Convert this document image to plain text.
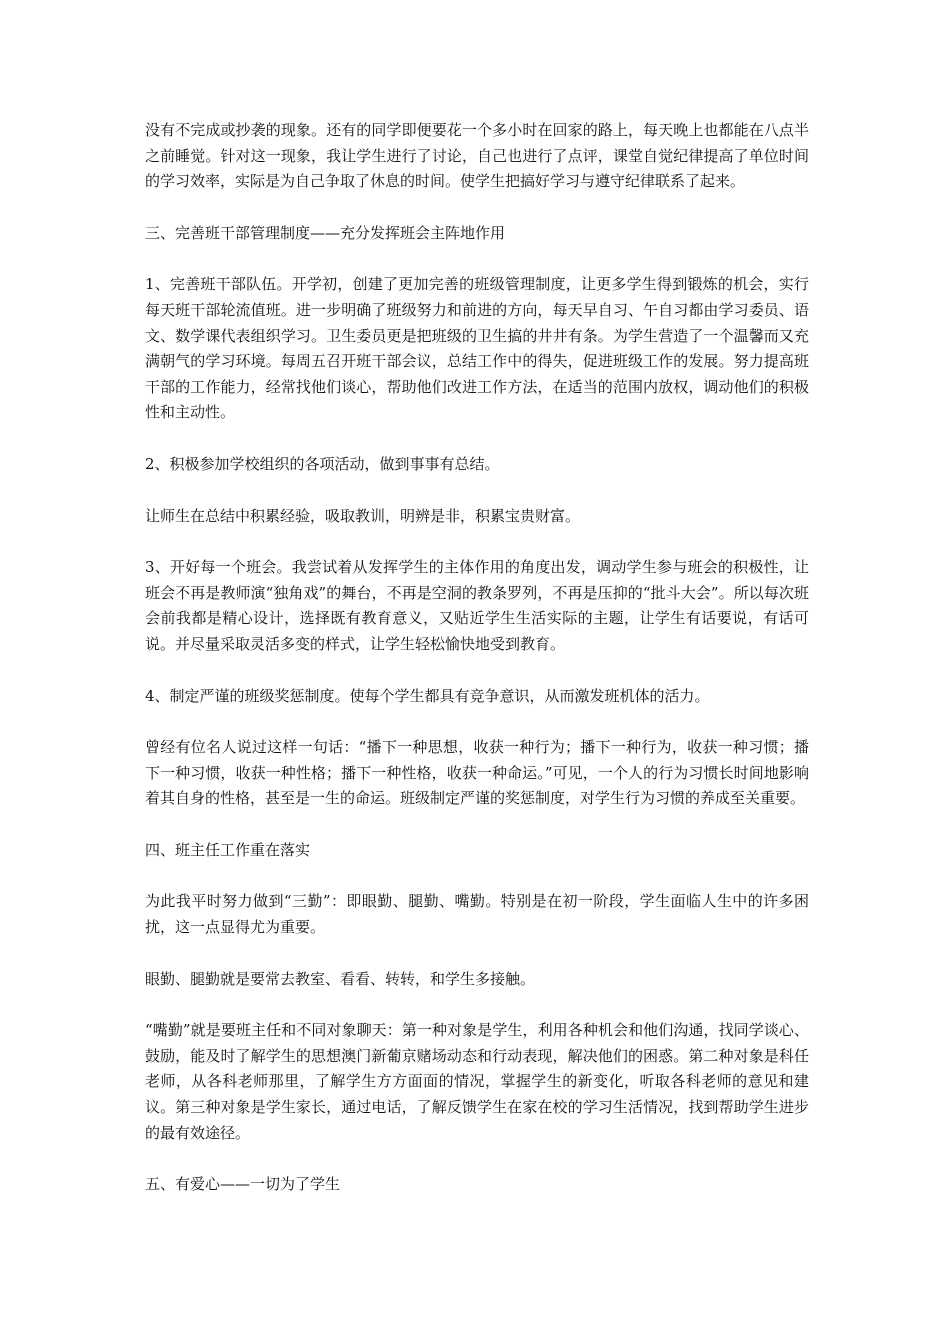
没有不完成或抄袭的现象。还有的同学即便要花一个多小时在回家的路上，每天晚上也都能在八点半之前睡觉。针对这一现象，我让学生进行了讨论，自己也进行了点评，课堂自觉纪律提高了单位时间的学习效率，实际是为自己争取了休息的时间。使学生把搞好学习与遵守纪律联系了起来。

三、完善班干部管理制度——充分发挥班会主阵地作用

1、完善班干部队伍。开学初，创建了更加完善的班级管理制度，让更多学生得到锻炼的机会，实行每天班干部轮流值班。进一步明确了班级努力和前进的方向，每天早自习、午自习都由学习委员、语文、数学课代表组织学习。卫生委员更是把班级的卫生搞的井井有条。为学生营造了一个温馨而又充满朝气的学习环境。每周五召开班干部会议，总结工作中的得失，促进班级工作的发展。努力提高班干部的工作能力，经常找他们谈心，帮助他们改进工作方法，在适当的范围内放权，调动他们的积极性和主动性。

2、积极参加学校组织的各项活动，做到事事有总结。

让师生在总结中积累经验，吸取教训，明辨是非，积累宝贵财富。

3、开好每一个班会。我尝试着从发挥学生的主体作用的角度出发，调动学生参与班会的积极性，让班会不再是教师演“独角戏”的舞台，不再是空洞的教条罗列，不再是压抑的“批斗大会”。所以每次班会前我都是精心设计，选择既有教育意义，又贴近学生生活实际的主题，让学生有话要说，有话可说。并尽量采取灵活多变的样式，让学生轻松愉快地受到教育。

4、制定严谨的班级奖惩制度。使每个学生都具有竞争意识，从而激发班机体的活力。

曾经有位名人说过这样一句话：“播下一种思想，收获一种行为；播下一种行为，收获一种习惯；播下一种习惯，收获一种性格；播下一种性格，收获一种命运。”可见，一个人的行为习惯长时间地影响着其自身的性格，甚至是一生的命运。班级制定严谨的奖惩制度，对学生行为习惯的养成至关重要。

四、班主任工作重在落实

为此我平时努力做到“三勤”：即眼勤、腿勤、嘴勤。特别是在初一阶段，学生面临人生中的许多困扰，这一点显得尤为重要。

眼勤、腿勤就是要常去教室、看看、转转，和学生多接触。

“嘴勤”就是要班主任和不同对象聊天：第一种对象是学生，利用各种机会和他们沟通，找同学谈心、鼓励，能及时了解学生的思想澳门新葡京赌场动态和行动表现，解决他们的困惑。第二种对象是科任老师，从各科老师那里，了解学生方方面面的情况，掌握学生的新变化，听取各科老师的意见和建议。第三种对象是学生家长，通过电话，了解反馈学生在家在校的学习生活情况，找到帮助学生进步的最有效途径。

五、有爱心——一切为了学生
